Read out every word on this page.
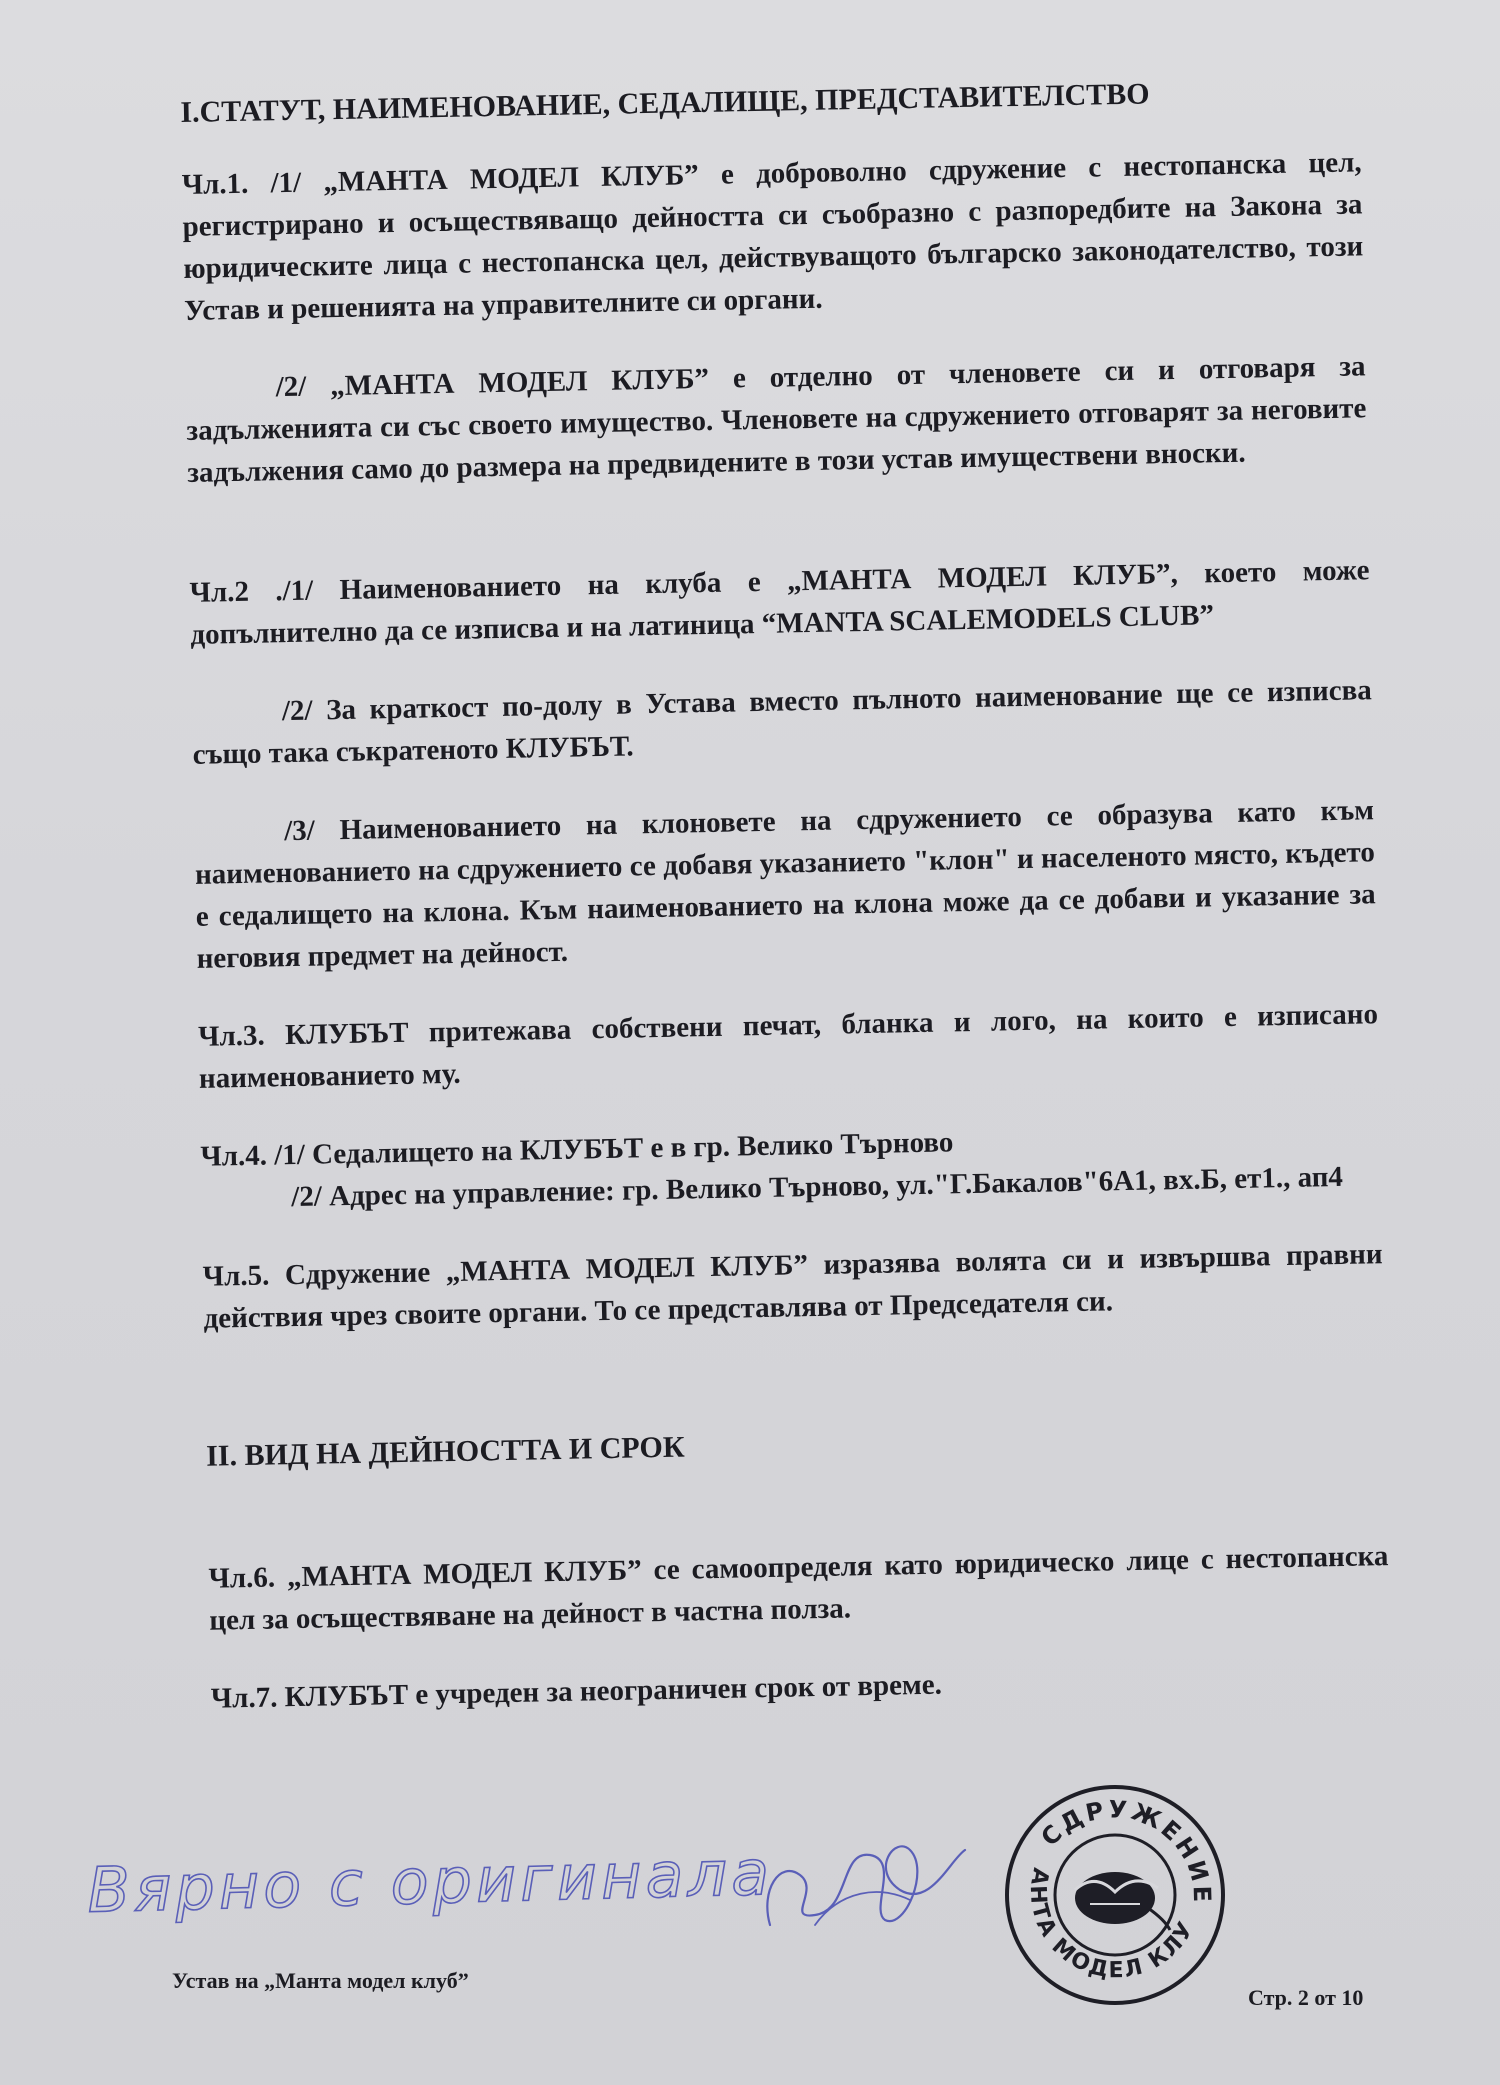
I.СТАТУТ, НАИМЕНОВАНИЕ, СЕДАЛИЩЕ, ПРЕДСТАВИТЕЛСТВО

Чл.1. /1/ „МАНТА МОДЕЛ КЛУБ” е доброволно сдружение с нестопанска цел, регистрирано и осъществяващо дейността си съобразно с разпоредбите на Закона за юридическите лица с нестопанска цел, действуващото българско законодателство, този Устав и решенията на управителните си органи.

/2/ „МАНТА МОДЕЛ КЛУБ” е отделно от членовете си и отговаря за задълженията си със своето имущество. Членовете на сдружението отговарят за неговите задължения само до размера на предвидените в този устав имуществени вноски.

Чл.2 ./1/ Наименованието на клуба е „МАНТА МОДЕЛ КЛУБ”, което може допълнително да се изписва и на латиница “MANTA SCALEMODELS CLUB”

/2/ За краткост по-долу в Устава вместо пълното наименование ще се изписва също така съкратеното КЛУБЪТ.

/3/ Наименованието на клоновете на сдружението се образува като към наименованието на сдружението се добавя указанието "клон" и населеното място, където е седалището на клона. Към наименованието на клона може да се добави и указание за неговия предмет на дейност.

Чл.3. КЛУБЪТ притежава собствени печат, бланка и лого, на които е изписано наименованието му.

Чл.4. /1/ Седалището на КЛУБЪТ е в гр. Велико Търново
/2/ Адрес на управление: гр. Велико Търново, ул."Г.Бакалов"6А1, вх.Б, ет1., ап4

Чл.5. Сдружение „МАНТА МОДЕЛ КЛУБ” изразява волята си и извършва правни действия чрез своите органи. То се представлява от Председателя си.

II. ВИД НА ДЕЙНОСТТА И СРОК

Чл.6. „МАНТА МОДЕЛ КЛУБ” се самоопределя като юридическо лице с нестопанска цел за осъществяване на дейност в частна полза.

Чл.7. КЛУБЪТ е учреден за неограничен срок от време.

Вярно с оригинала
СДРУЖЕНИЕ
МАНТА МОДЕЛ КЛУБ
Устав на „Манта модел клуб”
Стр. 2 от 10
